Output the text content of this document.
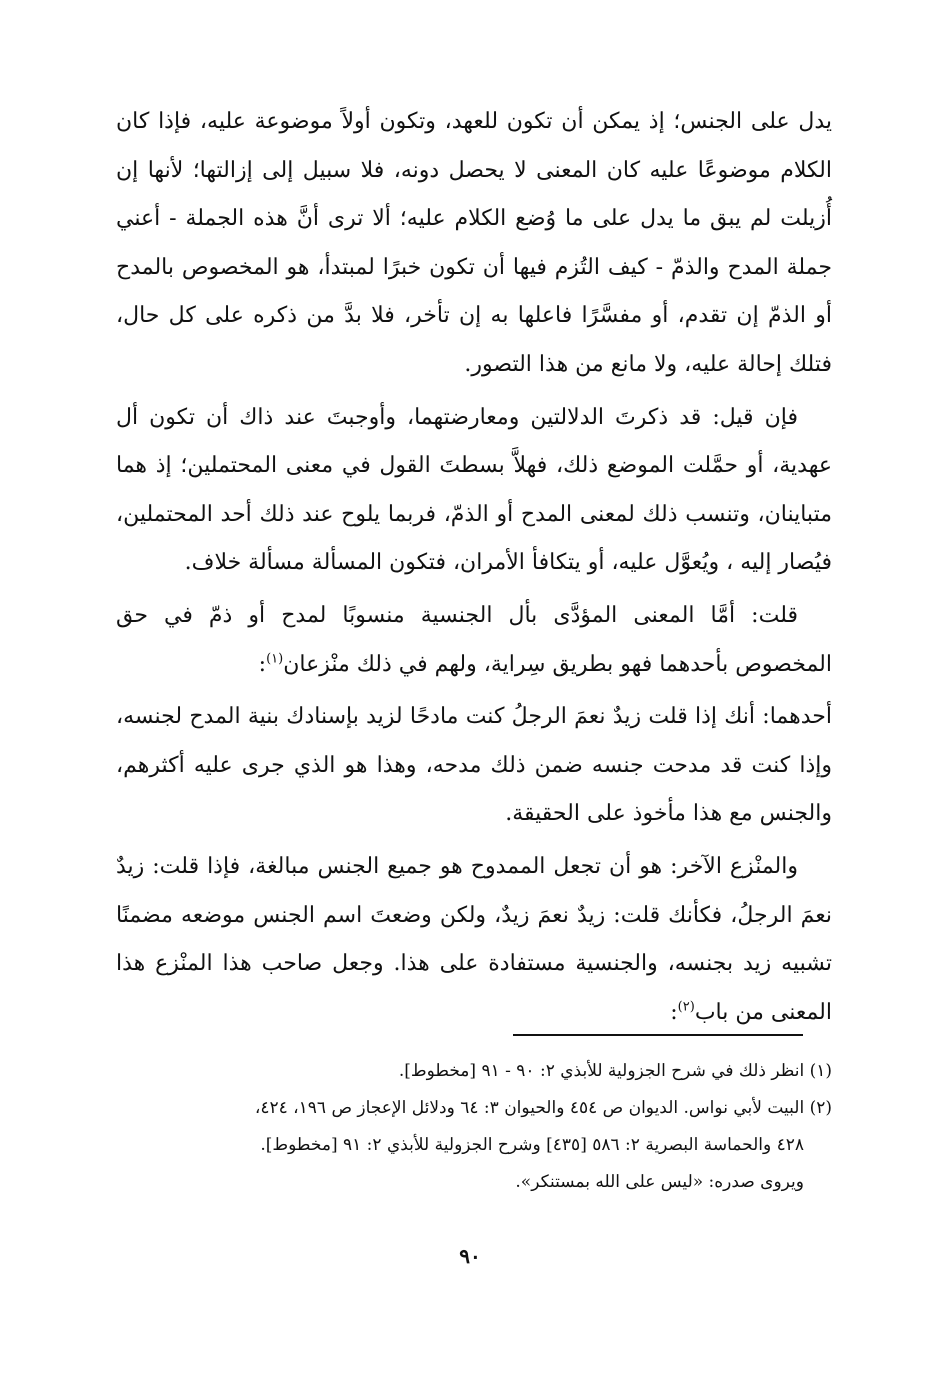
يدل على الجنس؛ إذ يمكن أن تكون للعهد، وتكون أولاً موضوعة عليه، فإذا كان الكلام موضوعًا عليه كان المعنى لا يحصل دونه، فلا سبيل إلى إزالتها؛ لأنها إن أُزيلت لم يبق ما يدل على ما وُضع الكلام عليه؛ ألا ترى أنَّ هذه الجملة - أعني جملة المدح والذمّ - كيف التُزم فيها أن تكون خبرًا لمبتدأ، هو المخصوص بالمدح أو الذمّ إن تقدم، أو مفسَّرًا فاعلها به إن تأخر، فلا بدَّ من ذكره على كل حال، فتلك إحالة عليه، ولا مانع من هذا التصور.

فإن قيل: قد ذكرتَ الدلالتين ومعارضتهما، وأوجبتَ عند ذاك أن تكون أل عهدية، أو حمَّلت الموضع ذلك، فهلاَّ بسطتَ القول في معنى المحتملين؛ إذ هما متباينان، وتنسب ذلك لمعنى المدح أو الذمّ، فربما يلوح عند ذلك أحد المحتملين، فيُصار إليه ، ويُعوَّل عليه، أو يتكافأ الأمران، فتكون المسألة مسألة خلاف.

قلت: أمَّا المعنى المؤدَّى بأل الجنسية منسوبًا لمدح أو ذمّ في حق المخصوص بأحدهما فهو بطريق سِراية، ولهم في ذلك منْزعان$^{(١)}$:

أحدهما: أنك إذا قلت زيدٌ نعمَ الرجلُ كنت مادحًا لزيد بإسنادك بنية المدح لجنسه، وإذا كنت قد مدحت جنسه ضمن ذلك مدحه، وهذا هو الذي جرى عليه أكثرهم، والجنس مع هذا مأخوذ على الحقيقة.

والمنْزع الآخر: هو أن تجعل الممدوح هو جميع الجنس مبالغة، فإذا قلت: زيدٌ نعمَ الرجلُ، فكأنك قلت: زيدٌ نعمَ زيدٌ، ولكن وضعتَ اسم الجنس موضعه مضمنًا تشبيه زيد بجنسه، والجنسية مستفادة على هذا. وجعل صاحب هذا المنْزع هذا المعنى من باب$^{(٢)}$:

(١) انظر ذلك في شرح الجزولية للأبذي ٢: ٩٠ - ٩١ [مخطوط].

(٢) البيت لأبي نواس. الديوان ص ٤٥٤ والحيوان ٣: ٦٤ ودلائل الإعجاز ص ١٩٦، ٤٢٤،

٤٢٨ والحماسة البصرية ٢: ٥٨٦ [٤٣٥] وشرح الجزولية للأبذي ٢: ٩١ [مخطوط].

ويروى صدره: «ليس على الله بمستنكر».

٩٠
